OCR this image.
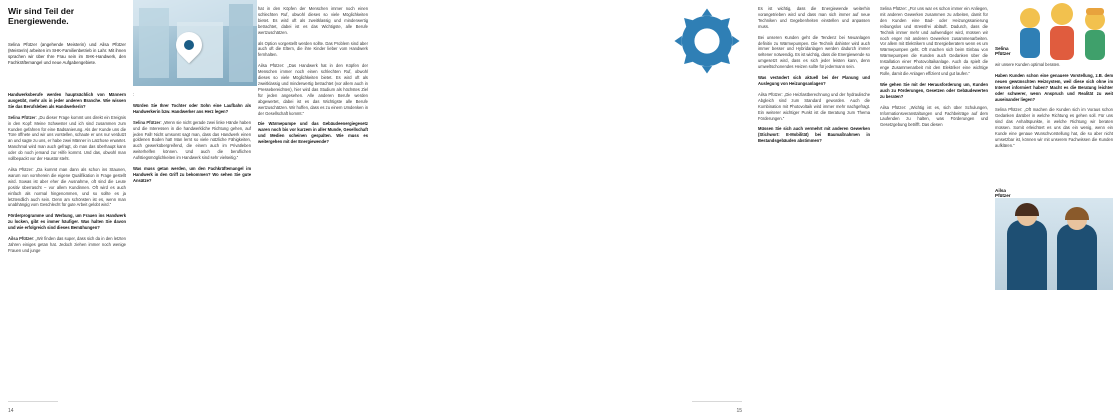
Wir sind Teil der Energiewende.
Selina Pfützer (angehende Meisterin) und Ailsa Pfützer (Meisterin) arbeiten im SHK-Familienbetrieb in Lahr. Mit ihnen sprachen wir über Ihre Frau sein im SHK-Handwerk, den Fachkräftemangel und neue Aufgabengebiete.

Handwerksberufe werden hauptsächlich von Männern ausgeübt, mehr als in jeder anderen Branche. Wie wissen Sie das Berufsleben als Handwerkerin?

Selina Pfützer: „Du dieser Frage kommt uns direkt ein Ereignis in den Kopf: Meine Schwester und ich sind zusammen zum Kunden gefahren für eine Badsanierung. Als der Kunde uns die Türe öffnete und wir uns vorstellen, schaute er uns nur verdutzt an und sagte zu uns, er habe zwei Männer in Latzhose erwartet. Manchmal wird man auch gefragt, ob man das überhaupt kann oder ob noch jemand zur Hilfe kommt. Und das, obwohl man vollbepackt vor der Haustür steht.

Ailsa Pfützer: „Da kommt man dann als schon ins Staunen, warum von vornherein die eigene Qualifikation in Frage gestellt wird. Sowas ist aber eher die Ausnahme, oft sind die Leute positiv überrascht – vor allem Kundinnen. Oft wird es auch einfach als normal hingenommen, und so sollte es ja letztendlich auch sein. Denn am schönsten ist es, wenn man unabhängig vom Geschlecht für gute Arbeit gelobt wird.“

Förderprogramme und Werbung, um Frauen ins Handwerk zu locken, gibt es immer häufiger. Was halten Sie davon und wie erfolgreich sind dieses Bemühungen?

Ailsa Pfützer: „Wir finden das super, dass sich da in den letzten Jahren einiges getan hat. Jedoch ziehen immer noch wenige Frauen und junge

:

Würden Sie Ihrer Tochter oder Sohn eine Laufbahn als Handwerkerin bzw. Handwerker ans Herz legen?

Selina Pfützer: „Wenn sie nicht gerade zwei linke Hände haben und die Interessen in die handwerkliche Richtung gehen, auf jeden Fall! Nicht umsonst sagt man, dass das Handwerk einen goldenen Boden hat! Man lernt so viele nützliche Fähigkeiten, auch gewerkübergreifend, die einem auch im Privatleben weiterhelfen können. Und auch die beruflichen Aufstiegsmöglichkeiten im Handwerk sind sehr vielseitig.“

Was muss getan werden, um den Fachkräftemangel im Handwerk in den Griff zu bekommen? Wo sehen Sie gute Ansätze?

hat in den Köpfen der Menschen immer noch einen schlechten Ruf, obwohl dieses so viele Möglichkeiten bietet. Es wird oft als zweitklassig und minderwertig betrachtet, dabei ist es das Wichtigste, alle Berufe wertzuschätzen.

als Option vorgestellt werden sollte. Das Problem sind aber auch oft die Eltern, die ihre Kinder lieber vom Handwerk fernhalten.

Ailsa Pfützer: „Das Handwerk hat in den Köpfen der Menschen immer noch einen schlechten Ruf, obwohl dieses so viele Möglichkeiten bietet. Es wird oft als zweitklassig und minderwertig betrachtet (vor allem auch in Pressebereichten), hier wird das Studium als höchstes Ziel für jeden angesehen. Alle anderen Berufe werden abgewertet, dabei ist es das Wichtigste alle Berufe wertzuschätzen. Wir hoffen, dass es zu einem Umdenken in der Gesellschaft kommt.“

Die Wärmepumpe und das Gebäudeenergiegesetz waren noch bis vor kurzem in aller Munde, Gesellschaft und Medien scheinen gespalten. Wie muss es weitergehen mit der Energiewende?

14

Es ist wichtig, dass die Energiewende weiterhin vorangetrieben wird und dass man sich immer auf neue Techniken und Gegebenheiten einstellen und anpassen muss.

Bei unseren Kunden geht die Tendenz bei Neuanlagen definitiv zu Wärmepumpen. Die Technik dahinter wird auch immer besser und Hybridanlagen werden dadurch immer seltener notwendig. Es ist wichtig, dass die Energiewende so umgesetzt wird, dass es sich jeder leisten kann, denn umweltschonendes Heizen sollte für jedermann sein.

Was verändert sich aktuell bei der Planung und Auslegung von Heizungsanlagen?

Ailsa Pfützer: „Die Heizlastberechnung und der hydraulische Abgleich sind zum Standard geworden. Auch die Kombination mit Photovoltaik wird immer mehr nachgefragt. Ein weiterer wichtiger Punkt ist die Beratung zum Thema Förderungen.“

Müssen Sie sich auch vermehrt mit anderen Gewerken (Stichwort: E-Mobilität) bei Baumaßnahmen in Bestandsgebäuden abstimmen?

Selina Pfützer: „Für uns war es schon immer ein Anliegen, mit anderen Gewerken zusammen zu arbeiten, damit für den Kunden eine Bad- oder Heizungssanierung reibungslos und stressfrei abläuft. Dadurch, dass die Technik immer mehr und aufwendiger wird, müssen wir noch enger mit anderen Gewerken zusammenarbeiten. Vor allem mit Elektrikern und Energieberatern wenn es um Wärmepumpen geht. Oft machen sich beim Einbau von Wärmepumpen die Kunden auch Gedanken über die Installation einer Photovoltaikanlage. Auch da spielt die enge Zusammenarbeit mit den Elektriker eine wichtige Rolle, damit die Anlagen effizient und gut laufen.“

Wie gehen Sie mit der Herausforderung um, Kunden auch zu Förderungen, Gesetzen oder Gebäudewerten zu beraten?

Ailsa Pfützer: „Wichtig ist es, sich über Schulungen, Informationsveranstaltungen und Fachbeiträge auf dem Laufenden zu halten, was Förderungen und Gesetzgebung betrifft. Das diesen

Selina Pfützer

wir unsere Kunden optimal beraten.

Haben Kunden schon eine genauere Vorstellung, z.B. dem neuen gewünschten Heizsystem, weil diese sich ohne im Internet informiert haben? Macht es die Beratung leichter oder schwerer, wenn Anspruch und Realität zu weit auseinander liegen?

Selina Pfützer: „Oft machen die Kunden sich im Voraus schon Gedanken darüber in welche Richtung es gehen soll. Für uns sind das Anhaltspunkte, in welche Richtung wir beraten müssen. Somit erleichtert es uns das ein wenig, wenn ein Kunde eine genaue Wunschvorstellung hat, die so aber nicht umsetzbar ist, können wir mit unserem Fachwissen die Kunden aufklären.“

Ailsa Pfützer

15
